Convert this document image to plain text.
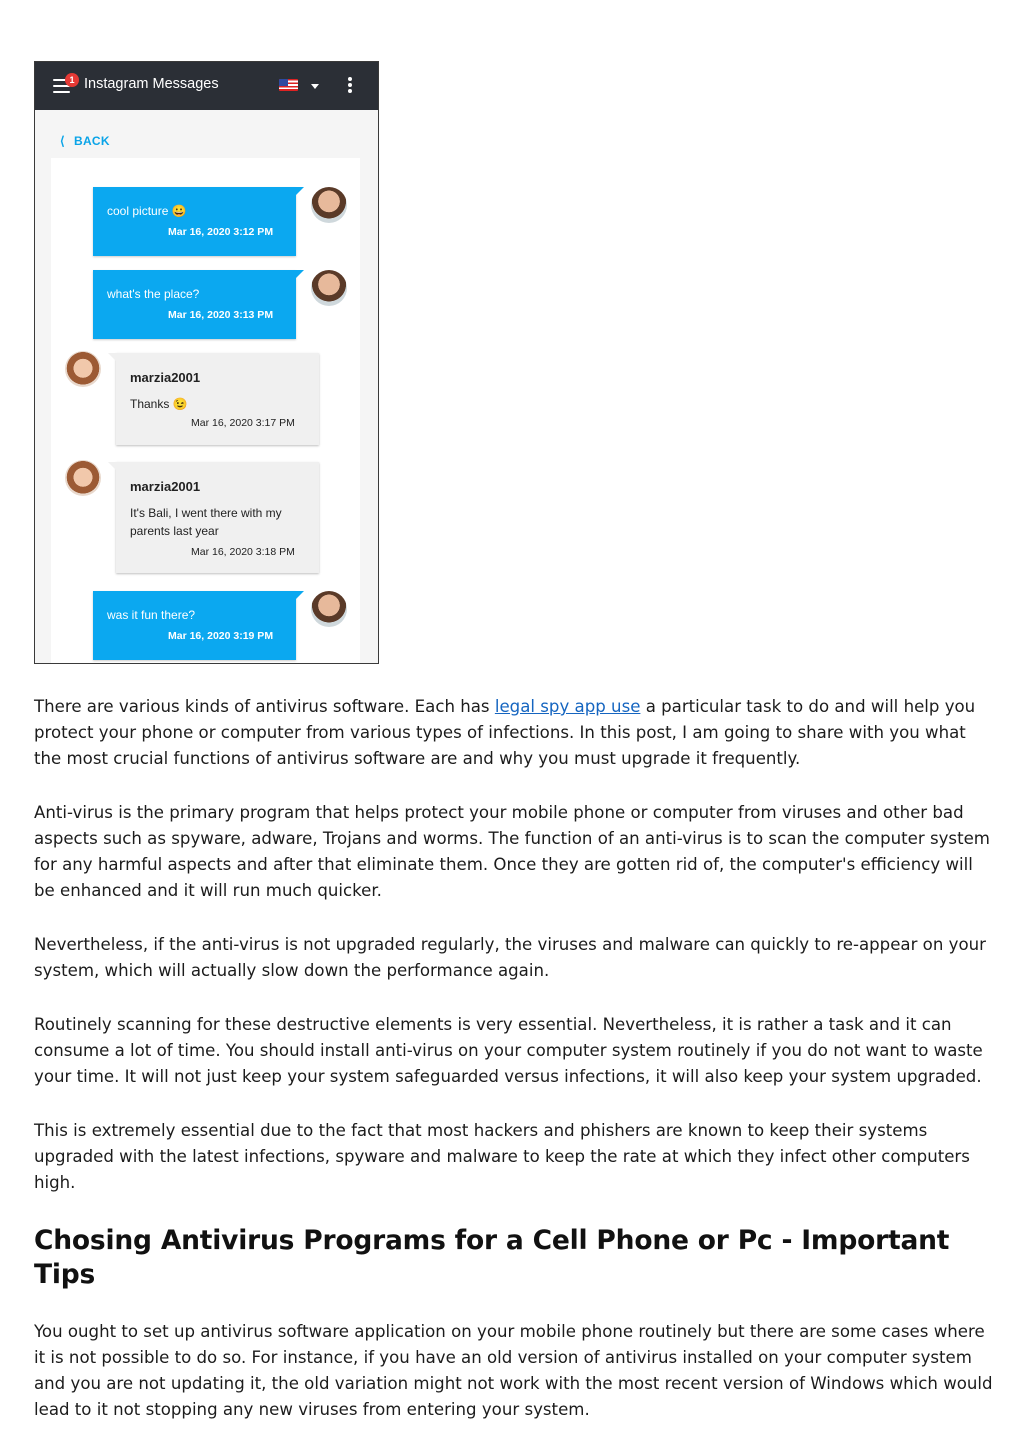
1 Instagram Messages
⟨ BACK
cool picture 😀
Mar 16, 2020 3:12 PM
what's the place?
Mar 16, 2020 3:13 PM
marzia2001
Thanks 😉
Mar 16, 2020 3:17 PM
marzia2001
It's Bali, I went there with my parents last year
Mar 16, 2020 3:18 PM
was it fun there?
Mar 16, 2020 3:19 PM

There are various kinds of antivirus software. Each has legal spy app use a particular task to do and will help you protect your phone or computer from various types of infections. In this post, I am going to share with you what the most crucial functions of antivirus software are and why you must upgrade it frequently.

Anti-virus is the primary program that helps protect your mobile phone or computer from viruses and other bad aspects such as spyware, adware, Trojans and worms. The function of an anti-virus is to scan the computer system for any harmful aspects and after that eliminate them. Once they are gotten rid of, the computer's efficiency will be enhanced and it will run much quicker.

Nevertheless, if the anti-virus is not upgraded regularly, the viruses and malware can quickly to re-appear on your system, which will actually slow down the performance again.

Routinely scanning for these destructive elements is very essential. Nevertheless, it is rather a task and it can consume a lot of time. You should install anti-virus on your computer system routinely if you do not want to waste your time. It will not just keep your system safeguarded versus infections, it will also keep your system upgraded.

This is extremely essential due to the fact that most hackers and phishers are known to keep their systems upgraded with the latest infections, spyware and malware to keep the rate at which they infect other computers high.

Chosing Antivirus Programs for a Cell Phone or Pc - Important Tips

You ought to set up antivirus software application on your mobile phone routinely but there are some cases where it is not possible to do so. For instance, if you have an old version of antivirus installed on your computer system and you are not updating it, the old variation might not work with the most recent version of Windows which would lead to it not stopping any new viruses from entering your system.
